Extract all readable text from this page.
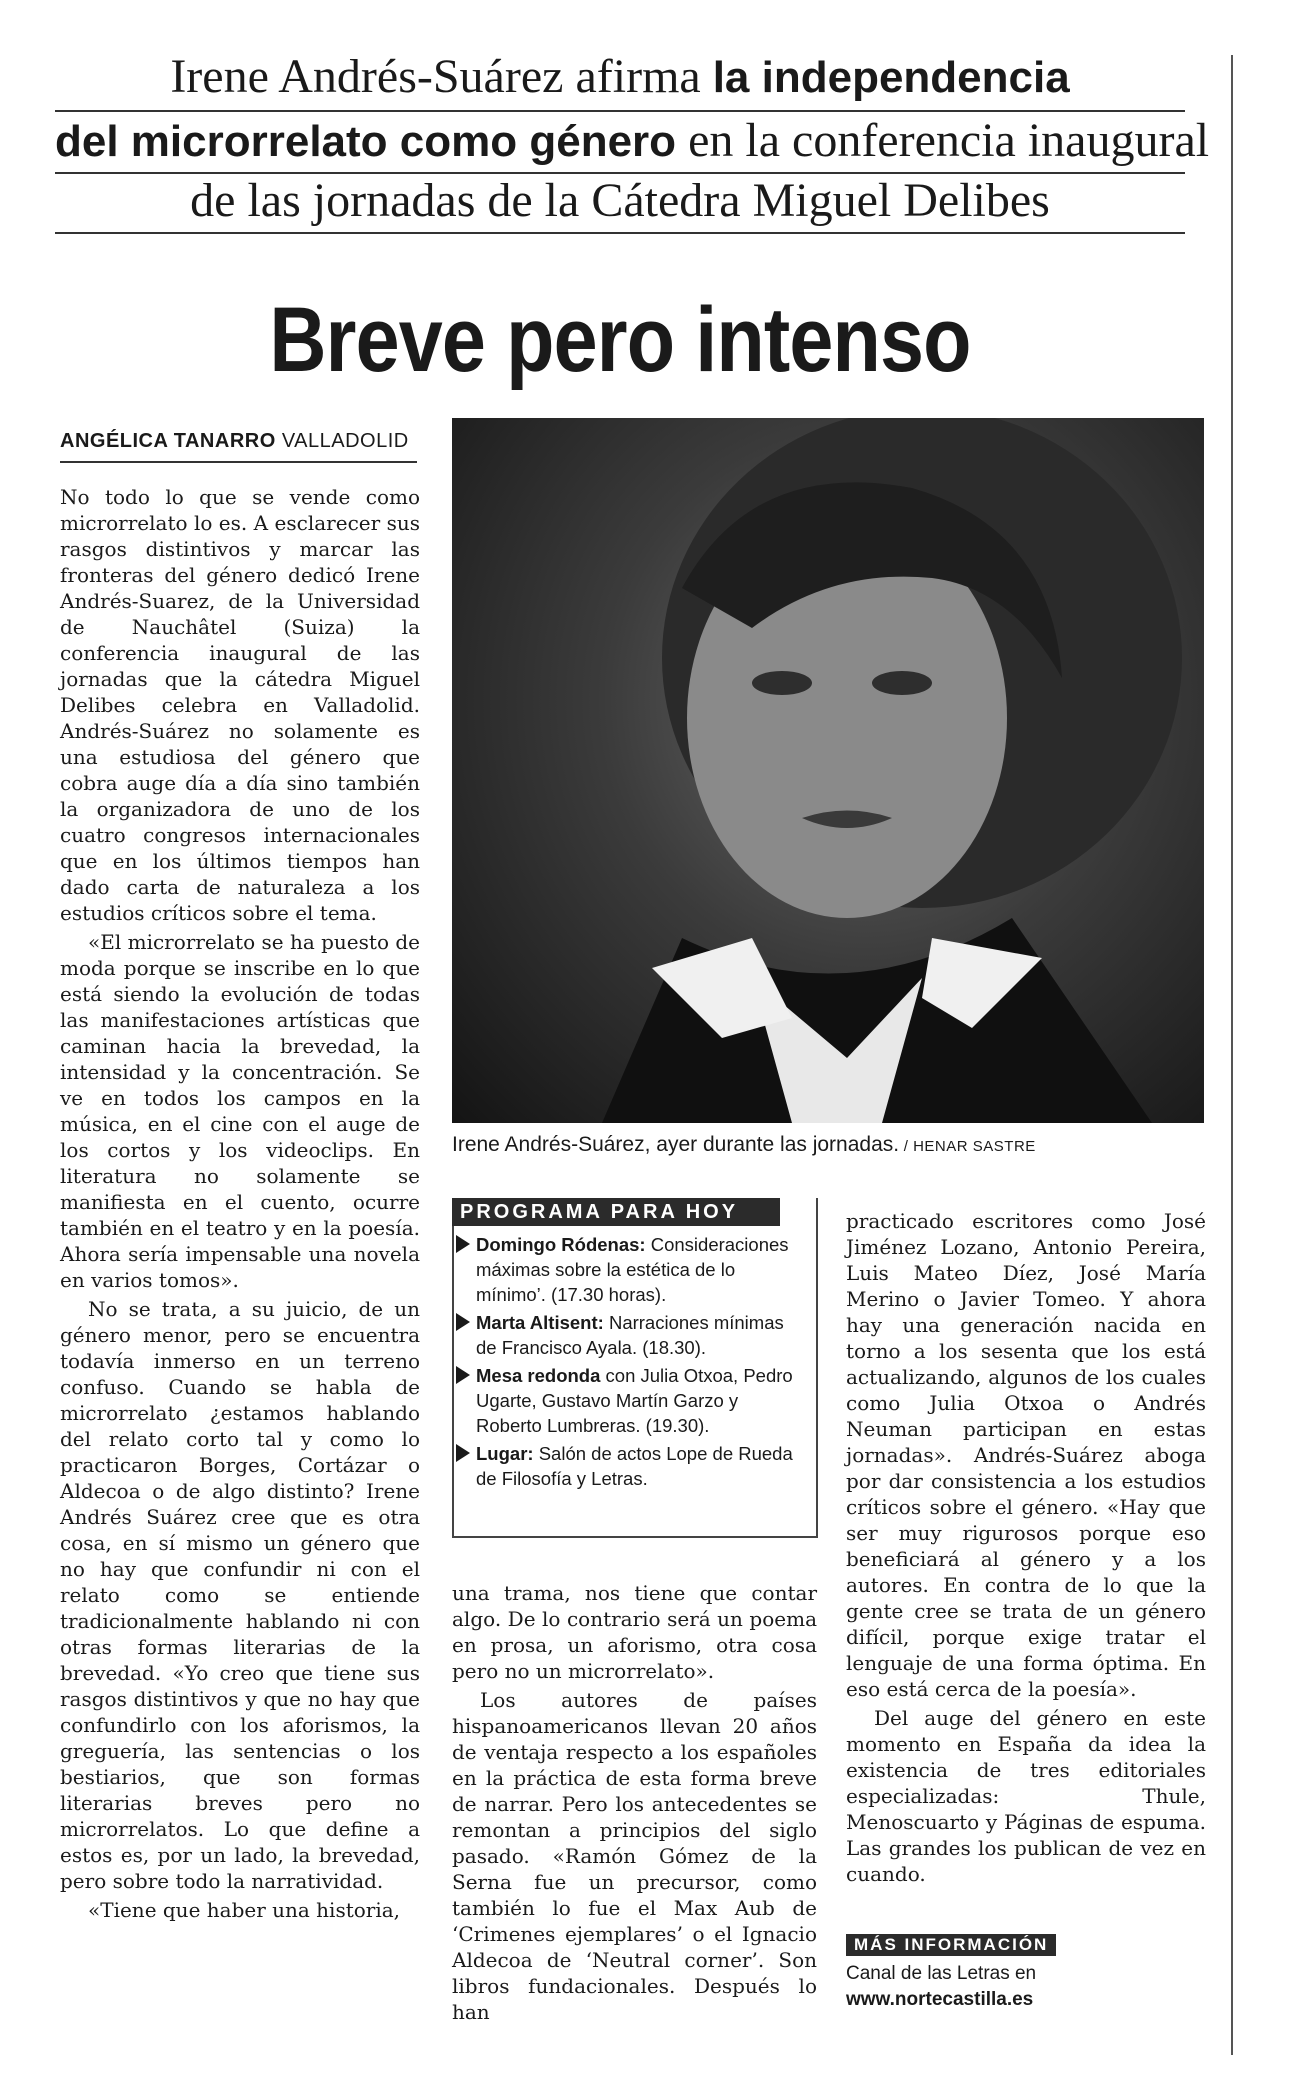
Irene Andrés-Suárez afirma la independencia
del microrrelato como género en la conferencia inaugural
de las jornadas de la Cátedra Miguel Delibes
Breve pero intenso
ANGÉLICA TANARRO VALLADOLID

No todo lo que se vende como microrrelato lo es. A esclarecer sus rasgos distintivos y marcar las fronteras del género dedicó Irene Andrés-Suarez, de la Universidad de Nauchâtel (Suiza) la conferencia inaugural de las jornadas que la cátedra Miguel Delibes celebra en Valladolid. Andrés-Suárez no solamente es una estudiosa del género que cobra auge día a día sino también la organizadora de uno de los cuatro congresos internacionales que en los últimos tiempos han dado carta de naturaleza a los estudios críticos sobre el tema.

«El microrrelato se ha puesto de moda porque se inscribe en lo que está siendo la evolución de todas las manifestaciones artísticas que caminan hacia la brevedad, la intensidad y la concentración. Se ve en todos los campos en la música, en el cine con el auge de los cortos y los videoclips. En literatura no solamente se manifiesta en el cuento, ocurre también en el teatro y en la poesía. Ahora sería impensable una novela en varios tomos».

No se trata, a su juicio, de un género menor, pero se encuentra todavía inmerso en un terreno confuso. Cuando se habla de microrrelato ¿estamos hablando del relato corto tal y como lo practicaron Borges, Cortázar o Aldecoa o de algo distinto? Irene Andrés Suárez cree que es otra cosa, en sí mismo un género que no hay que confundir ni con el relato como se entiende tradicionalmente hablando ni con otras formas literarias de la brevedad. «Yo creo que tiene sus rasgos distintivos y que no hay que confundirlo con los aforismos, la greguería, las sentencias o los bestiarios, que son formas literarias breves pero no microrrelatos. Lo que define a estos es, por un lado, la brevedad, pero sobre todo la narratividad.

«Tiene que haber una historia,

Irene Andrés-Suárez, ayer durante las jornadas. / HENAR SASTRE
PROGRAMA PARA HOY
Domingo Ródenas: Consideraciones máximas sobre la estética de lo mínimo’. (17.30 horas).
Marta Altisent: Narraciones mínimas de Francisco Ayala. (18.30).
Mesa redonda con Julia Otxoa, Pedro Ugarte, Gustavo Martín Garzo y Roberto Lumbreras. (19.30).
Lugar: Salón de actos Lope de Rueda de Filosofía y Letras.

una trama, nos tiene que contar algo. De lo contrario será un poema en prosa, un aforismo, otra cosa pero no un microrrelato».

Los autores de países hispanoamericanos llevan 20 años de ventaja respecto a los españoles en la práctica de esta forma breve de narrar. Pero los antecedentes se remontan a principios del siglo pasado. «Ramón Gómez de la Serna fue un precursor, como también lo fue el Max Aub de ‘Crimenes ejemplares’ o el Ignacio Aldecoa de ‘Neutral corner’. Son libros fundacionales. Después lo han

practicado escritores como José Jiménez Lozano, Antonio Pereira, Luis Mateo Díez, José María Merino o Javier Tomeo. Y ahora hay una generación nacida en torno a los sesenta que los está actualizando, algunos de los cuales como Julia Otxoa o Andrés Neuman participan en estas jornadas». Andrés-Suárez aboga por dar consistencia a los estudios críticos sobre el género. «Hay que ser muy rigurosos porque eso beneficiará al género y a los autores. En contra de lo que la gente cree se trata de un género difícil, porque exige tratar el lenguaje de una forma óptima. En eso está cerca de la poesía».

Del auge del género en este momento en España da idea la existencia de tres editoriales especializadas: Thule, Menoscuarto y Páginas de espuma. Las grandes los publican de vez en cuando.

MÁS INFORMACIÓN
Canal de las Letras en
www.nortecastilla.es
